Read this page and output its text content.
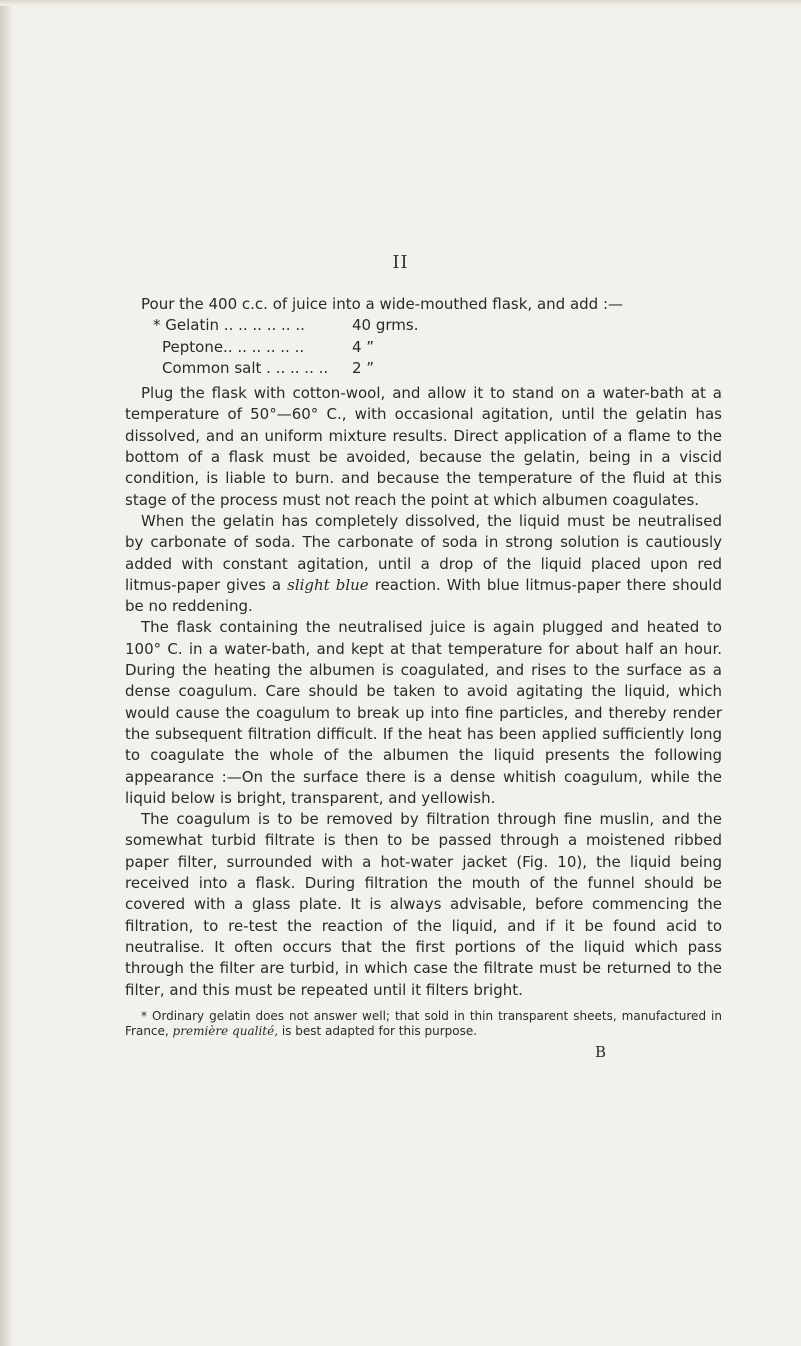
II

Pour the 400 c.c. of juice into a wide-mouthed flask, and add :—

* Gelatin .. .. .. .. .. ..	40 grms.
Peptone.. .. .. .. .. ..	4 ”
Common salt . .. .. .. ..	2 ”

Plug the flask with cotton-wool, and allow it to stand on a water-bath at a temperature of 50°—60° C., with occasional agitation, until the gelatin has dissolved, and an uniform mixture results. Direct application of a flame to the bottom of a flask must be avoided, because the gelatin, being in a viscid condition, is liable to burn. and because the temperature of the fluid at this stage of the process must not reach the point at which albumen coagulates.

When the gelatin has completely dissolved, the liquid must be neutralised by carbonate of soda. The carbonate of soda in strong solution is cautiously added with constant agitation, until a drop of the liquid placed upon red litmus-paper gives a slight blue reaction. With blue litmus-paper there should be no reddening.

The flask containing the neutralised juice is again plugged and heated to 100° C. in a water-bath, and kept at that temperature for about half an hour. During the heating the albumen is coagulated, and rises to the surface as a dense coagulum. Care should be taken to avoid agitating the liquid, which would cause the coagulum to break up into fine particles, and thereby render the subsequent filtration difficult. If the heat has been applied sufficiently long to coagulate the whole of the albumen the liquid presents the following appearance :—On the surface there is a dense whitish coagulum, while the liquid below is bright, transparent, and yellowish.

The coagulum is to be removed by filtration through fine muslin, and the somewhat turbid filtrate is then to be passed through a moistened ribbed paper filter, surrounded with a hot-water jacket (Fig. 10), the liquid being received into a flask. During filtration the mouth of the funnel should be covered with a glass plate. It is always advisable, before commencing the filtration, to re-test the reaction of the liquid, and if it be found acid to neutralise. It often occurs that the first portions of the liquid which pass through the filter are turbid, in which case the filtrate must be returned to the filter, and this must be repeated until it filters bright.

* Ordinary gelatin does not answer well; that sold in thin transparent sheets, manufactured in France, première qualité, is best adapted for this purpose.

B
